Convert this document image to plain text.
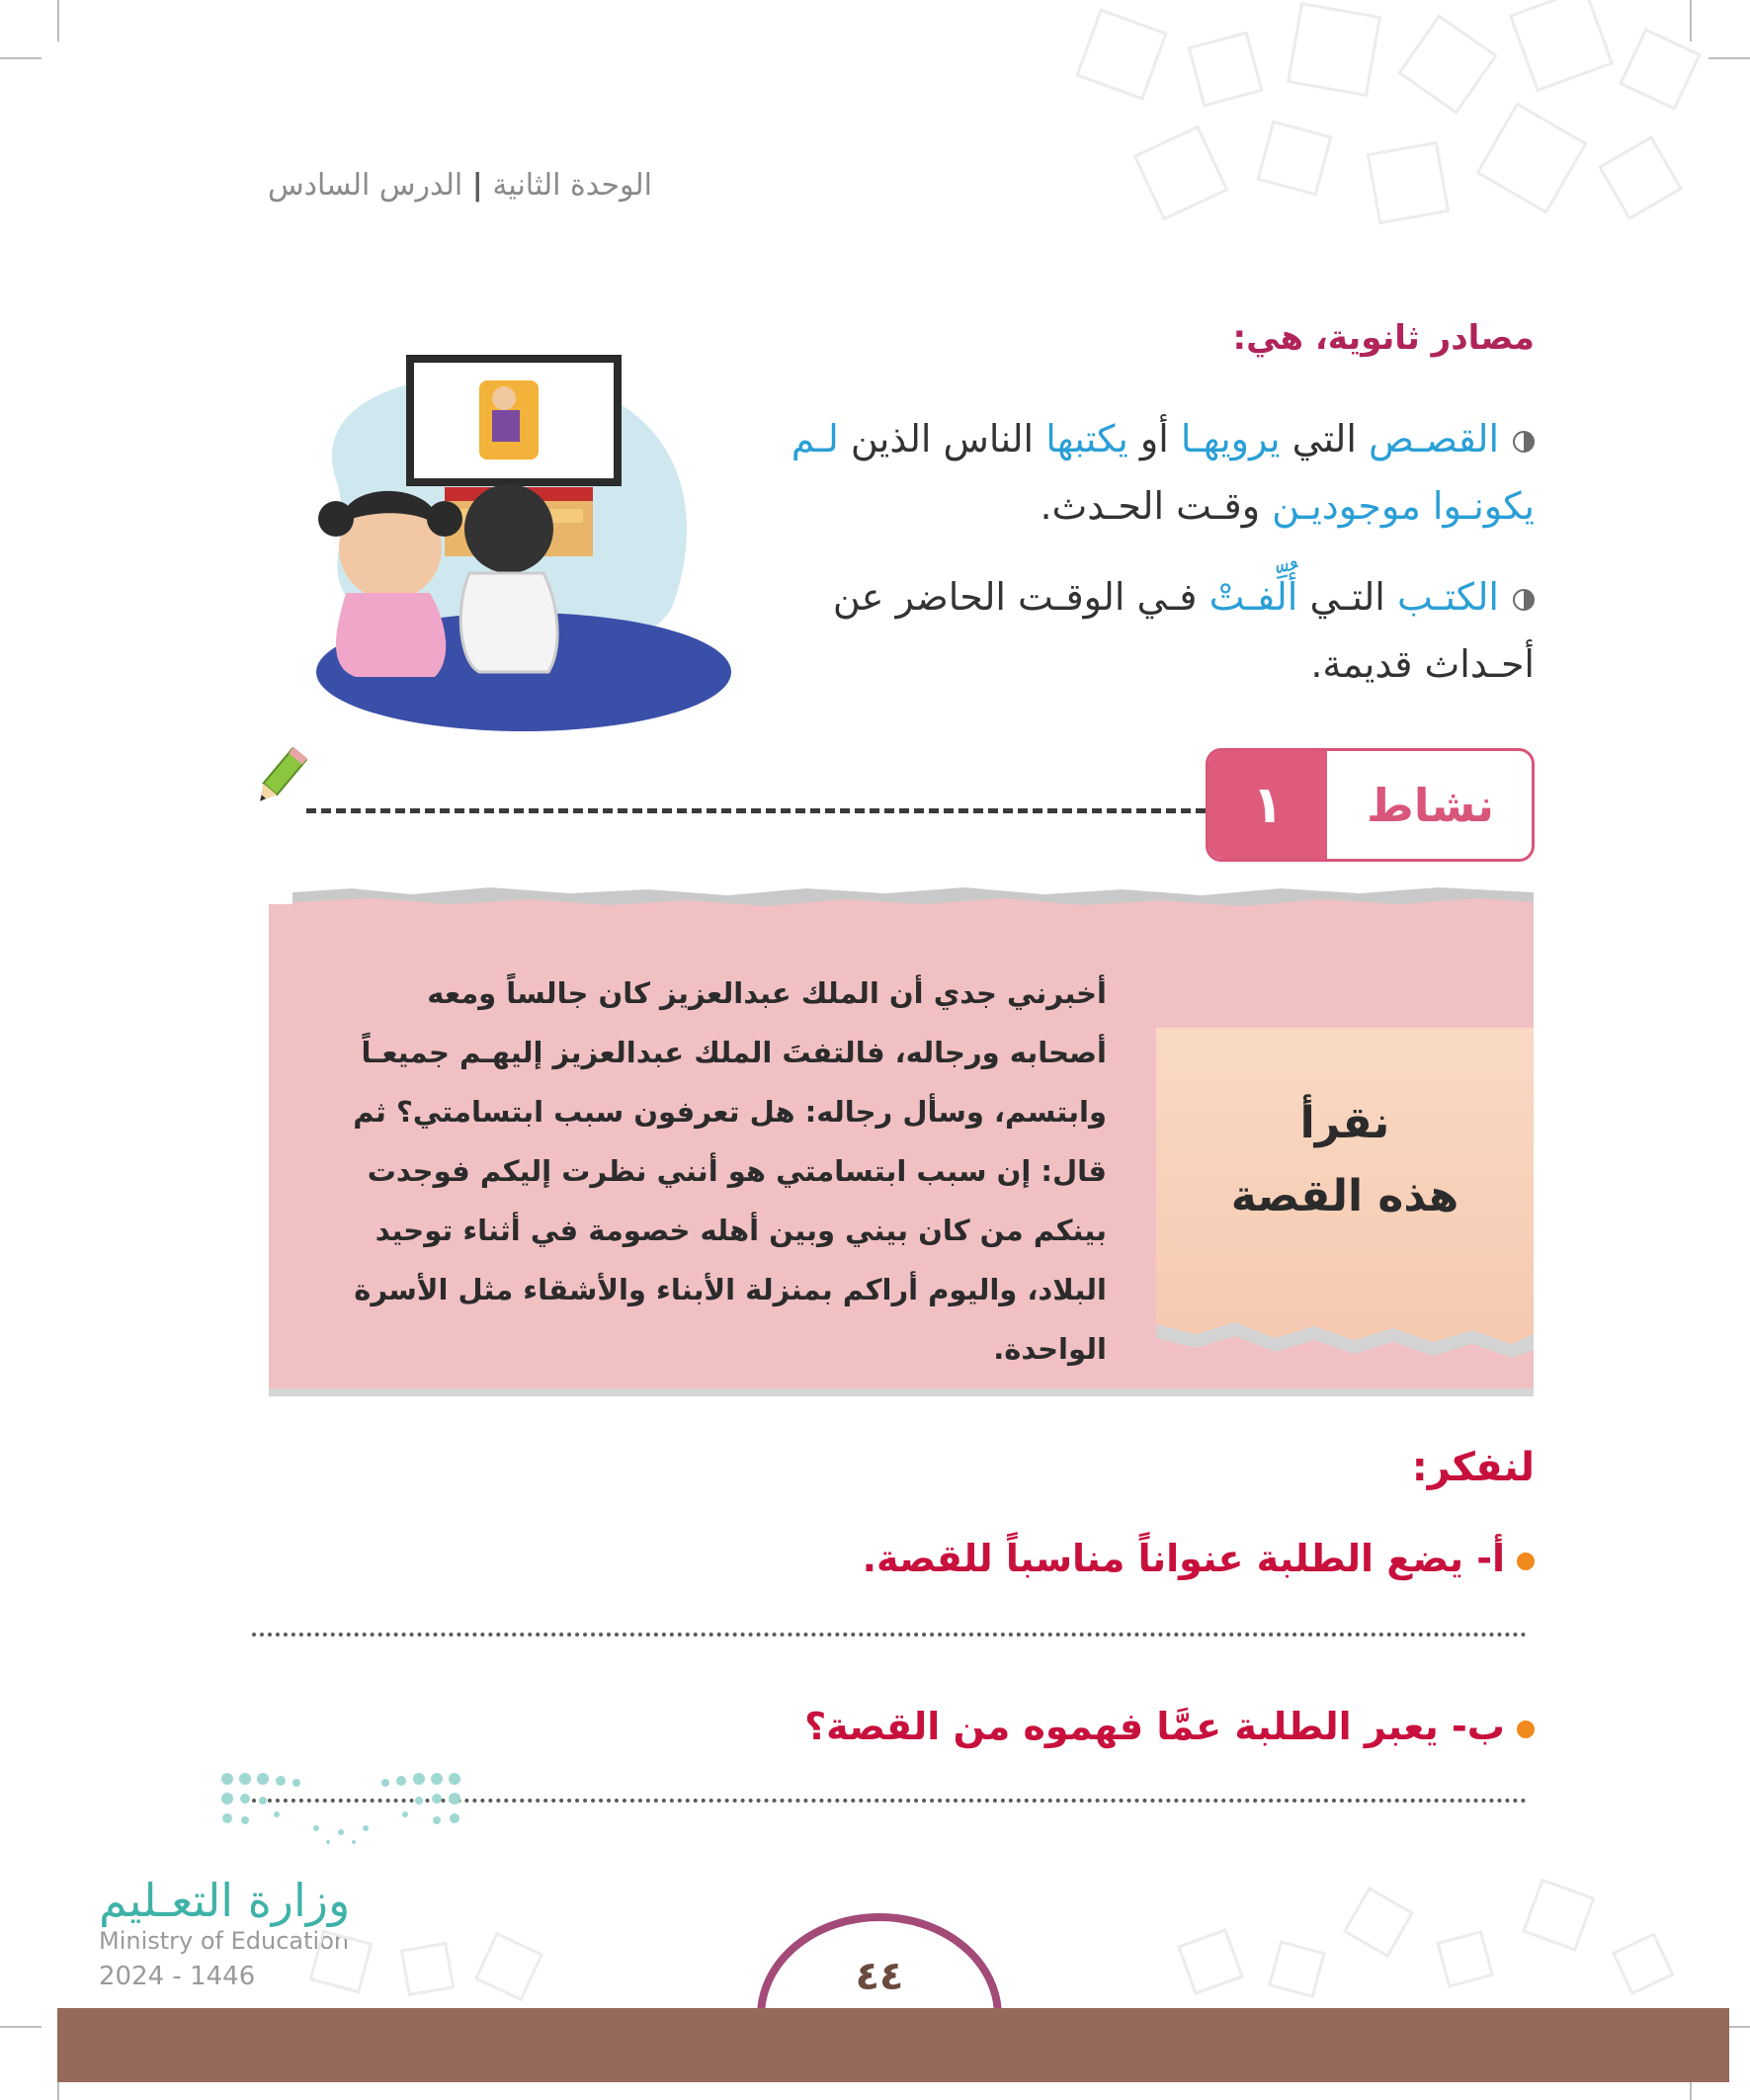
الوحدة الثانية | الدرس السادس
مصادر ثانوية، هي:
القصـص التي يرويهـا أو يكتبها الناس الذين لـم يكونـوا موجوديـن وقـت الحـدث.
الكتـب التـي أُلِّفـتْ فـي الوقـت الحاضر عن أحـداث قديمة.
نشاط
١
أخبرني جدي أن الملك عبدالعزيز كان جالساً ومعه أصحابه ورجاله، فالتفتَ الملك عبدالعزيز إليهـم جميعـاً وابتسم، وسأل رجاله: هل تعرفون سبب ابتسامتي؟ ثم قال: إن سبب ابتسامتي هو أنني نظرت إليكم فوجدت بينكم من كان بيني وبين أهله خصومة في أثناء توحيد البلاد، واليوم أراكم بمنزلة الأبناء والأشقاء مثل الأسرة الواحدة.
نقرأ
هذه القصة
لنفكر:
أ- يضع الطلبة عنواناً مناسباً للقصة.
ب- يعبر الطلبة عمَّا فهموه من القصة؟
وزارة التعـليم
Ministry of Education
2024 - 1446	٤٤
